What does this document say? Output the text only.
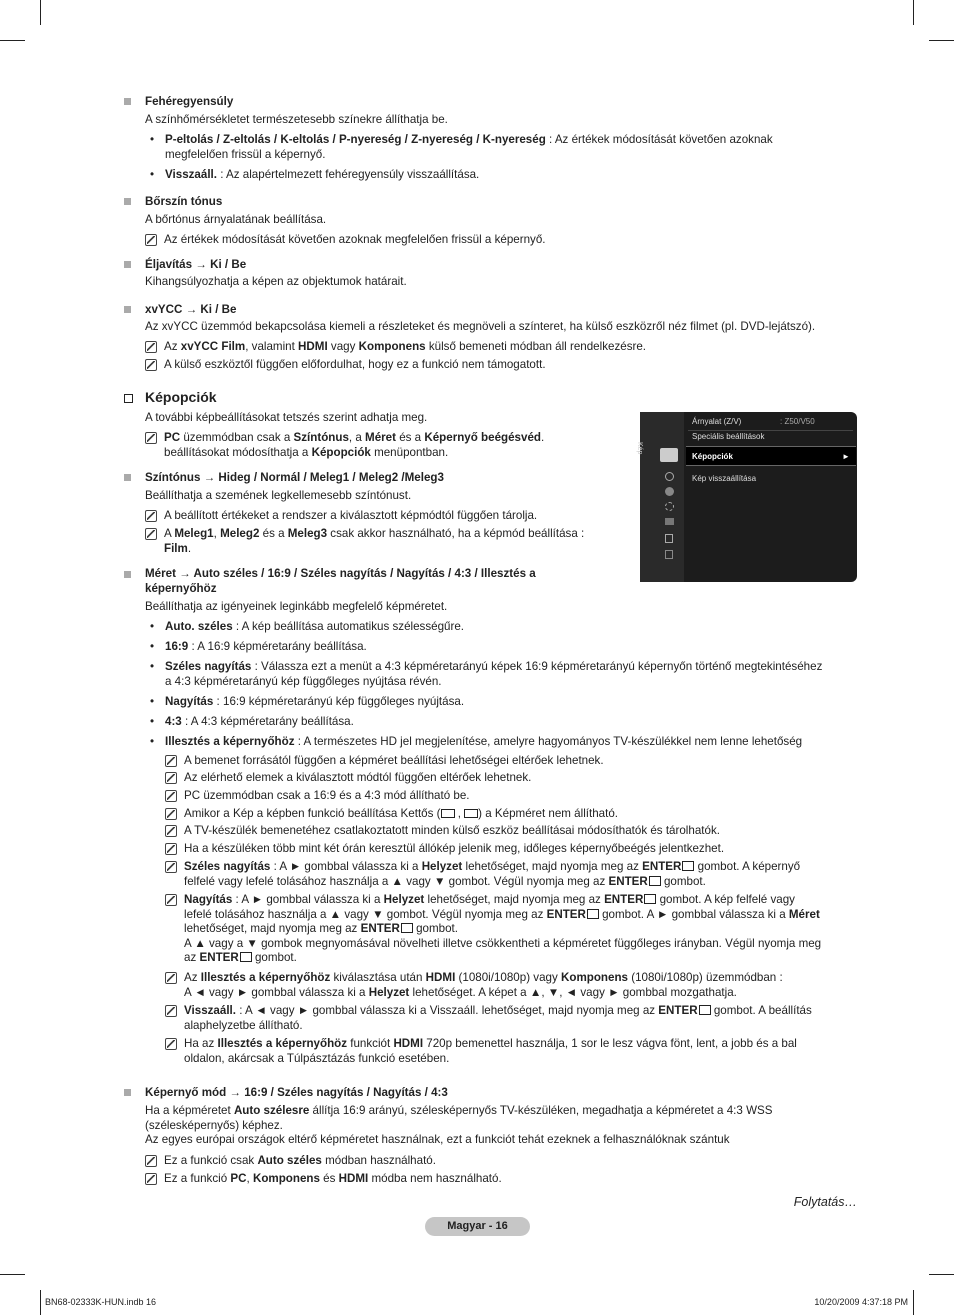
Fehéregyensúly
A színhőmérsékletet természetesebb színekre állíthatja be.
• P-eltolás / Z-eltolás / K-eltolás / P-nyereség / Z-nyereség / K-nyereség : Az értékek módosítását követően azoknak
megfelelően frissül a képernyő.
• Visszaáll. : Az alapértelmezett fehéregyensúly visszaállítása.
Bőrszín tónus
A bőrtónus árnyalatának beállítása.
Az értékek módosítását követően azoknak megfelelően frissül a képernyő.
Éljavítás → Ki / Be
Kihangsúlyozhatja a képen az objektumok határait.
xvYCC → Ki / Be
Az xvYCC üzemmód bekapcsolása kiemeli a részleteket és megnöveli a színteret, ha külső eszközről néz filmet (pl. DVD-lejátszó).
Az xvYCC Film, valamint HDMI vagy Komponens külső bemeneti módban áll rendelkezésre.
A külső eszköztől függően előfordulhat, hogy ez a funkció nem támogatott.
Képopciók
A további képbeállításokat tetszés szerint adhatja meg.
PC üzemmódban csak a Színtónus, a Méret és a Képernyő beégésvéd.
beállításokat módosíthatja a Képopciók menüpontban.	Kép
Árnyalat (Z/V)	: Z50/V50
Speciális beállítások
Képopciók	►
Kép visszaállítása
Színtónus → Hideg / Normál / Meleg1 / Meleg2 /Meleg3
Beállíthatja a szemének legkellemesebb színtónust.
A beállított értékeket a rendszer a kiválasztott képmódtól függően tárolja.
A Meleg1, Meleg2 és a Meleg3 csak akkor használható, ha a képmód beállítása :
Film.
Méret → Auto széles / 16:9 / Széles nagyítás / Nagyítás / 4:3 / Illesztés a
képernyőhöz
Beállíthatja az igényeinek leginkább megfelelő képméretet.
• Auto. széles : A kép beállítása automatikus szélességűre.
• 16:9 : A 16:9 képméretarány beállítása.
• Széles nagyítás : Válassza ezt a menüt a 4:3 képméretarányú képek 16:9 képméretarányú képernyőn történő megtekintéséhez
a 4:3 képméretarányú kép függőleges nyújtása révén.
• Nagyítás : 16:9 képméretarányú kép függőleges nyújtása.
• 4:3 : A 4:3 képméretarány beállítása.
• Illesztés a képernyőhöz : A természetes HD jel megjelenítése, amelyre hagyományos TV-készülékkel nem lenne lehetőség
A bemenet forrásától függően a képméret beállítási lehetőségei eltérőek lehetnek.
Az elérhető elemek a kiválasztott módtól függően eltérőek lehetnek.
PC üzemmódban csak a 16:9 és a 4:3 mód állítható be.
Amikor a Kép a képben funkció beállítása Kettős ( , ) a Képméret nem állítható.
A TV-készülék bemenetéhez csatlakoztatott minden külső eszköz beállításai módosíthatók és tárolhatók.
Ha a készüléken több mint két órán keresztül állókép jelenik meg, időleges képernyőbeégés jelentkezhet.
Széles nagyítás : A ► gombbal válassza ki a Helyzet lehetőséget, majd nyomja meg az ENTER gombot. A képernyő
felfelé vagy lefelé tolásához használja a ▲ vagy ▼ gombot. Végül nyomja meg az ENTER gombot.
Nagyítás : A ► gombbal válassza ki a Helyzet lehetőséget, majd nyomja meg az ENTER gombot. A kép felfelé vagy
lefelé tolásához használja a ▲ vagy ▼ gombot. Végül nyomja meg az ENTER gombot. A ► gombbal válassza ki a Méret
lehetőséget, majd nyomja meg az ENTER gombot.
A ▲ vagy a ▼ gombok megnyomásával növelheti illetve csökkentheti a képméretet függőleges irányban. Végül nyomja meg
az ENTER gombot.
Az Illesztés a képernyőhöz kiválasztása után HDMI (1080i/1080p) vagy Komponens (1080i/1080p) üzemmódban :
A ◄ vagy ► gombbal válassza ki a Helyzet lehetőséget. A képet a ▲, ▼, ◄ vagy ► gombbal mozgathatja.
Visszaáll. : A ◄ vagy ► gombbal válassza ki a Visszaáll. lehetőséget, majd nyomja meg az ENTER gombot. A beállítás
alaphelyzetbe állítható.
Ha az Illesztés a képernyőhöz funkciót HDMI 720p bemenettel használja, 1 sor le lesz vágva fönt, lent, a jobb és a bal
oldalon, akárcsak a Túlpásztázás funkció esetében.
Képernyő mód → 16:9 / Széles nagyítás / Nagyítás / 4:3
Ha a képméretet Auto szélesre állítja 16:9 arányú, szélesképernyős TV-készüléken, megadhatja a képméretet a 4:3 WSS
(szélesképernyős) képhez.
Az egyes európai országok eltérő képméretet használnak, ezt a funkciót tehát ezeknek a felhasználóknak szántuk
Ez a funkció csak Auto széles módban használható.
Ez a funkció PC, Komponens és HDMI módba nem használható.
Folytatás…
Magyar - 16
BN68-02333K-HUN.indb 16	10/20/2009 4:37:18 PM
